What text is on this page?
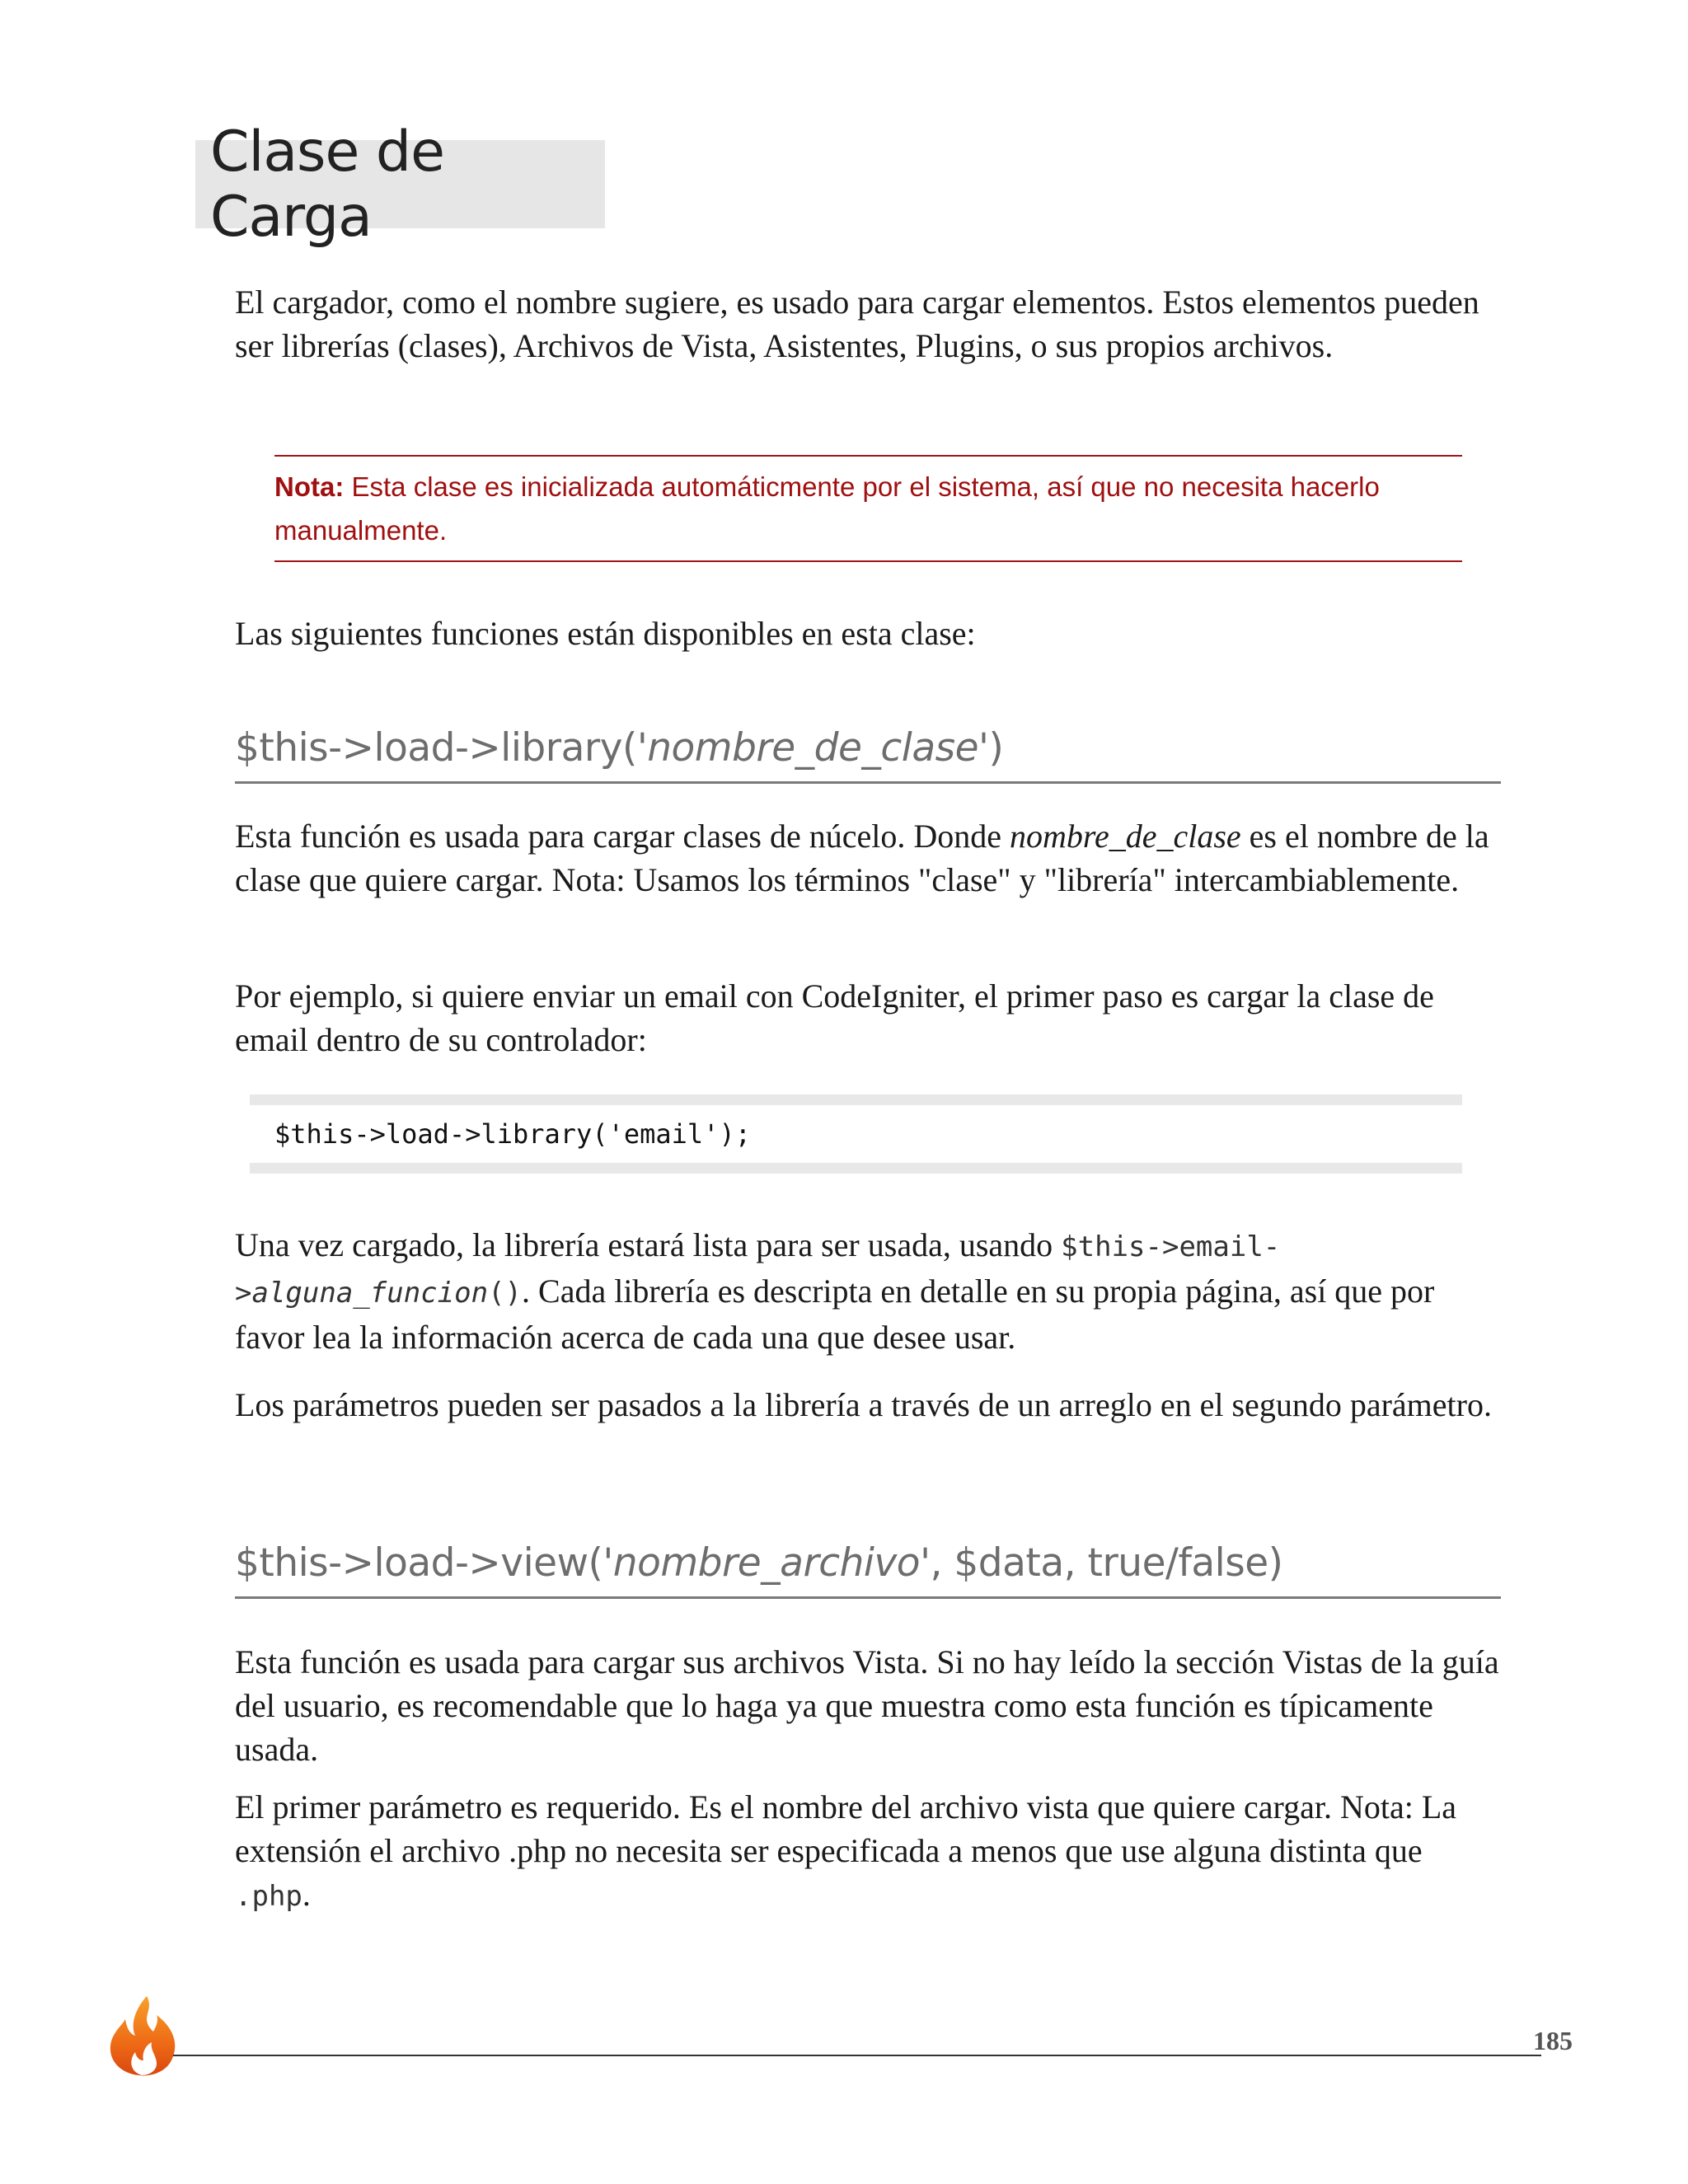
Clase de Carga

El cargador, como el nombre sugiere, es usado para cargar elementos. Estos elementos pueden ser librerías (clases), Archivos de Vista, Asistentes, Plugins, o sus propios archivos.

Nota: Esta clase es inicializada automáticmente por el sistema, así que no necesita hacerlo manualmente.

Las siguientes funciones están disponibles en esta clase:

$this->load->library('nombre_de_clase')

Esta función es usada para cargar clases de núcelo. Donde nombre_de_clase es el nombre de la clase que quiere cargar. Nota: Usamos los términos "clase" y "librería" intercambiablemente.

Por ejemplo, si quiere enviar un email con CodeIgniter, el primer paso es cargar la clase de email dentro de su controlador:

$this->load->library('email');

Una vez cargado, la librería estará lista para ser usada, usando $this->email->alguna_funcion(). Cada librería es descripta en detalle en su propia página, así que por favor lea la información acerca de cada una que desee usar.

Los parámetros pueden ser pasados a la librería a través de un arreglo en el segundo parámetro.

$this->load->view('nombre_archivo', $data, true/false)

Esta función es usada para cargar sus archivos Vista. Si no hay leído la sección Vistas de la guía del usuario, es recomendable que lo haga ya que muestra como esta función es típicamente usada.

El primer parámetro es requerido. Es el nombre del archivo vista que quiere cargar. Nota: La extensión el archivo .php no necesita ser especificada a menos que use alguna distinta que .php.

185
